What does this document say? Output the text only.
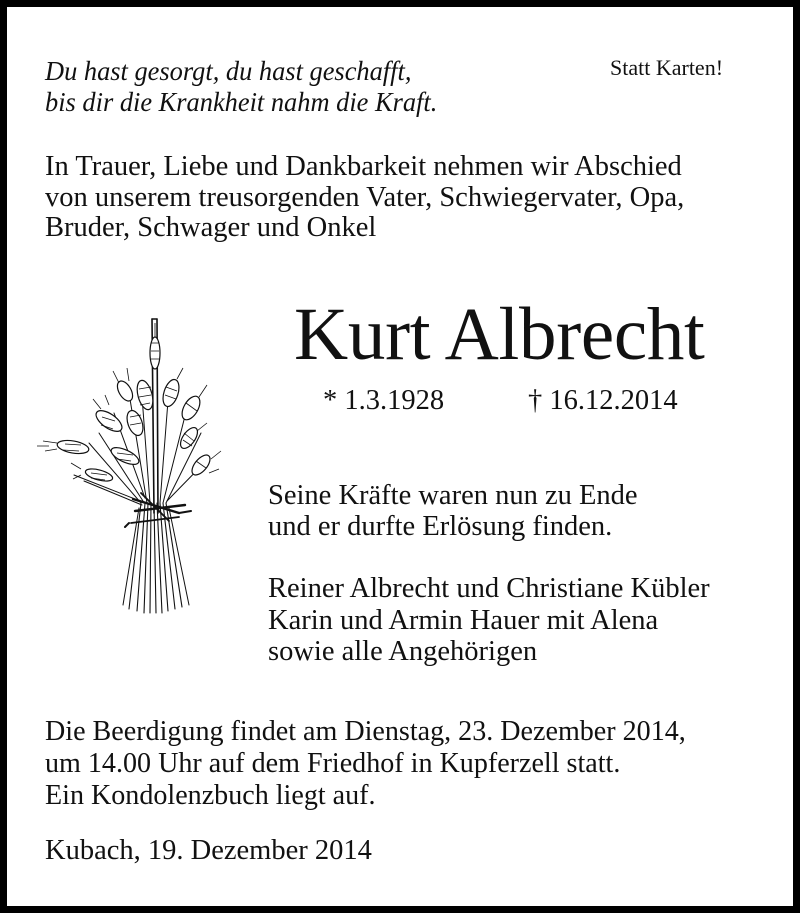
Du hast gesorgt, du hast geschafft,
bis dir die Krankheit nahm die Kraft.

Statt Karten!

In Trauer, Liebe und Dankbarkeit nehmen wir Abschied
von unserem treusorgenden Vater, Schwiegervater, Opa,
Bruder, Schwager und Onkel

Kurt Albrecht

* 1.3.1928	† 16.12.2014

Seine Kräfte waren nun zu Ende
und er durfte Erlösung finden.

Reiner Albrecht und Christiane Kübler
Karin und Armin Hauer mit Alena
sowie alle Angehörigen

Die Beerdigung findet am Dienstag, 23. Dezember 2014,
um 14.00 Uhr auf dem Friedhof in Kupferzell statt.
Ein Kondolenzbuch liegt auf.

Kubach, 19. Dezember 2014
